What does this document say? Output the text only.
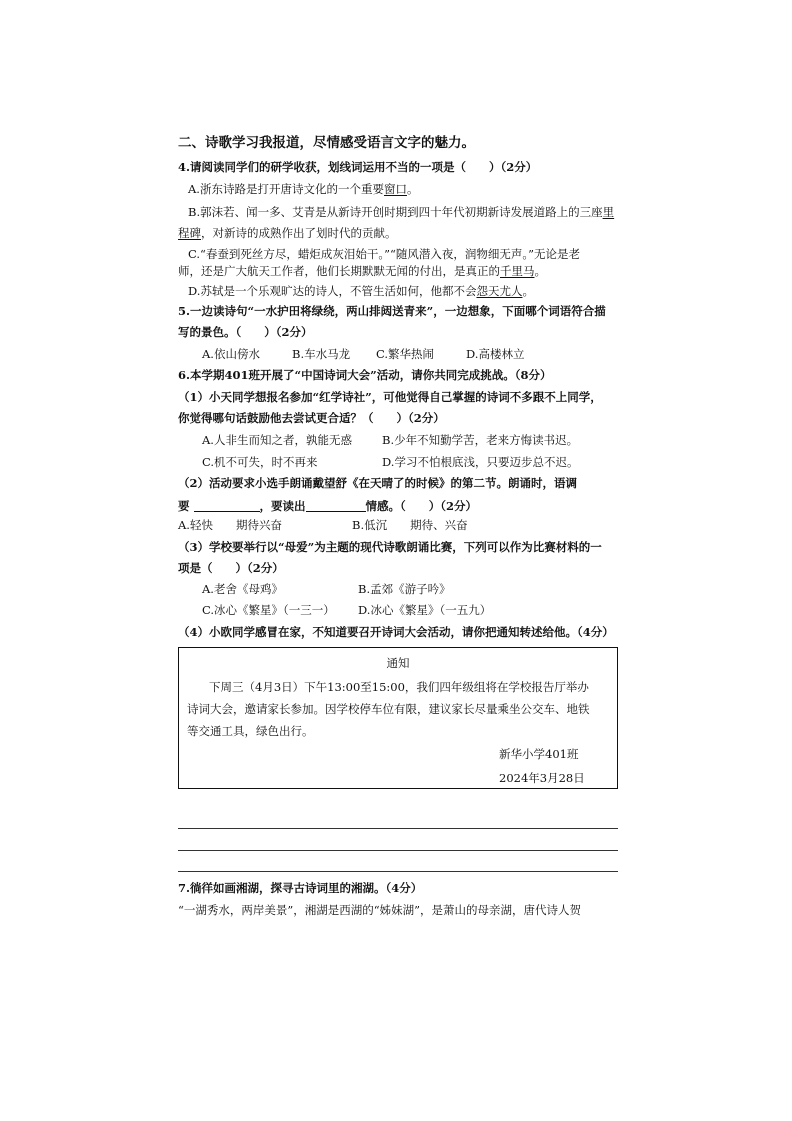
二、诗歌学习我报道，尽情感受语言文字的魅力。
4.请阅读同学们的研学收获，划线词运用不当的一项是（　　）（2分）
A.浙东诗路是打开唐诗文化的一个重要窗口。
B.郭沫若、闻一多、艾青是从新诗开创时期到四十年代初期新诗发展道路上的三座里
程碑，对新诗的成熟作出了划时代的贡献。
C.“春蚕到死丝方尽，蜡炬成灰泪始干。”“随风潜入夜，润物细无声。”无论是老
师，还是广大航天工作者，他们长期默默无闻的付出，是真正的千里马。
D.苏轼是一个乐观旷达的诗人，不管生活如何，他都不会怨天尤人。
5.一边读诗句“一水护田将绿绕，两山排闼送青来”，一边想象，下面哪个词语符合描
写的景色。（　　）（2分）
A.依山傍水	B.车水马龙 C.繁华热闹	D.高楼林立
6.本学期401班开展了“中国诗词大会”活动，请你共同完成挑战。（8分）
（1）小天同学想报名参加“红学诗社”，可他觉得自己掌握的诗词不多跟不上同学，
你觉得哪句话鼓励他去尝试更合适？（　　）（2分）
A.人非生而知之者，孰能无惑	B.少年不知勤学苦，老来方悔读书迟。
C.机不可失，时不再来	D.学习不怕根底浅，只要迈步总不迟。
（2）活动要求小选手朗诵戴望舒《在天晴了的时候》的第二节。朗诵时，语调
要	，要读出	情感。（　　）（2分）
A.轻快　　期待兴奋	B.低沉　　期待、兴奋
（3）学校要举行以“母爱”为主题的现代诗歌朗诵比赛，下列可以作为比赛材料的一
项是（　　）（2分）
A.老舍《母鸡》	B.孟郊《游子吟》
C.冰心《繁星》（一三一） D.冰心《繁星》（一五九）
（4）小欧同学感冒在家，不知道要召开诗词大会活动，请你把通知转述给他。（4分）
通知
下周三（4月3日）下午13:00至15:00，我们四年级组将在学校报告厅举办
诗词大会，邀请家长参加。因学校停车位有限，建议家长尽量乘坐公交车、地铁
等交通工具，绿色出行。
新华小学401班
2024年3月28日
7.徜徉如画湘湖，探寻古诗词里的湘湖。（4分）
“一湖秀水，两岸美景”，湘湖是西湖的“姊妹湖”，是萧山的母亲湖，唐代诗人贺
